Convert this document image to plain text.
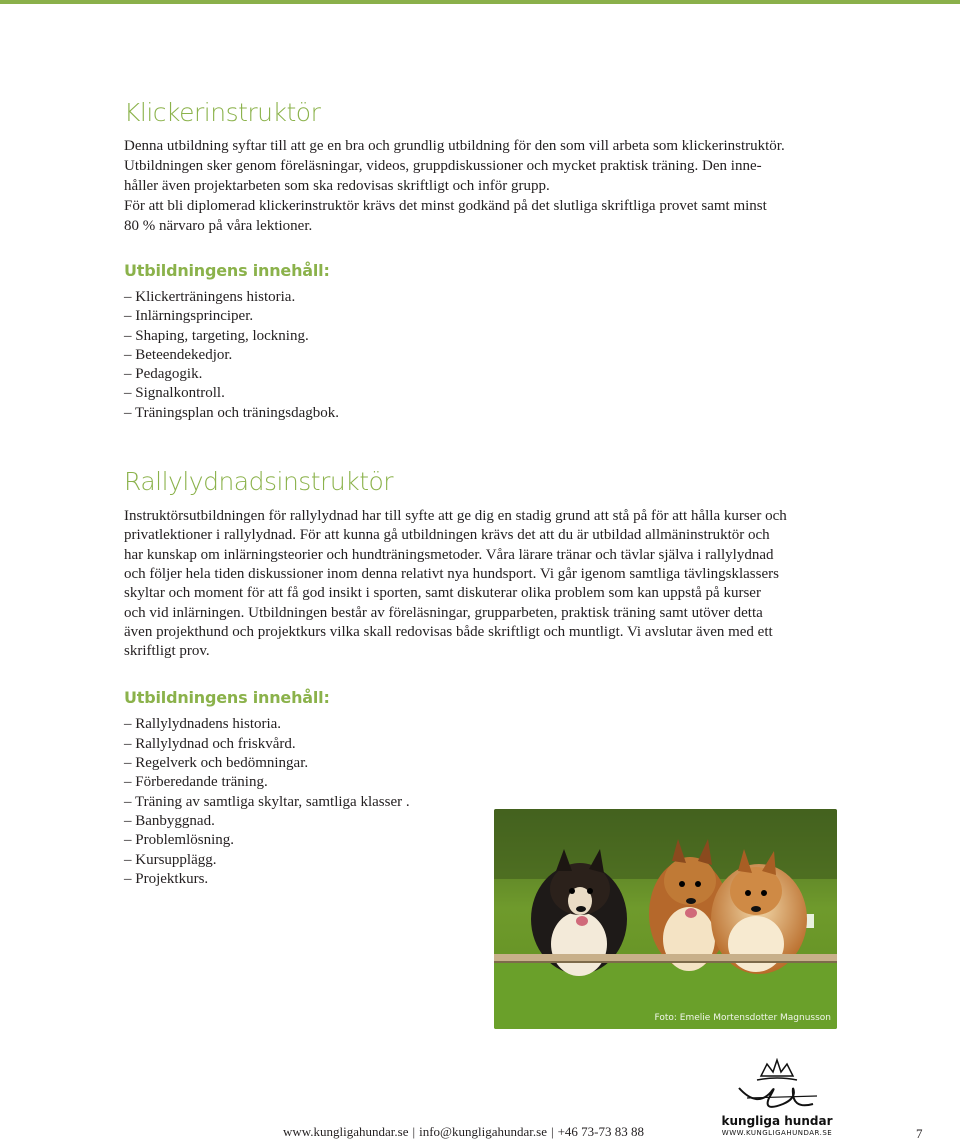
Klickerinstruktör
Denna utbildning syftar till att ge en bra och grundlig utbildning för den som vill arbeta som klickerinstruktör.
Utbildningen sker genom föreläsningar, videos, gruppdiskussioner och mycket praktisk träning. Den inne-
håller även projektarbeten som ska redovisas skriftligt och inför grupp.
För att bli diplomerad klickerinstruktör krävs det minst godkänd på det slutliga skriftliga provet samt minst
80 % närvaro på våra lektioner.
Utbildningens innehåll:
– Klickerträningens historia.
– Inlärningsprinciper.
– Shaping, targeting, lockning.
– Beteendekedjor.
– Pedagogik.
– Signalkontroll.
– Träningsplan och träningsdagbok.
Rallylydnadsinstruktör
Instruktörsutbildningen för rallylydnad har till syfte att ge dig en stadig grund att stå på för att hålla kurser och
privatlektioner i rallylydnad. För att kunna gå utbildningen krävs det att du är utbildad allmäninstruktör och
har kunskap om inlärningsteorier och hundträningsmetoder. Våra lärare tränar och tävlar själva i rallylydnad
och följer hela tiden diskussioner inom denna relativt nya hundsport. Vi går igenom samtliga tävlingsklassers
skyltar och moment för att få god insikt i sporten, samt diskuterar olika problem som kan uppstå på kurser
och vid inlärningen. Utbildningen består av föreläsningar, grupparbeten, praktisk träning samt utöver detta
även projekthund och projektkurs vilka skall redovisas både skriftligt och muntligt. Vi avslutar även med ett
skriftligt prov.
Utbildningens innehåll:
– Rallylydnadens historia.
– Rallylydnad och friskvård.
– Regelverk och bedömningar.
– Förberedande träning.
– Träning av samtliga skyltar, samtliga klasser .
– Banbyggnad.
– Problemlösning.
– Kursupplägg.
– Projektkurs.
Foto: Emelie Mortensdotter Magnusson
www.kungligahundar.se | info@kungligahundar.se | +46 73-73 83 88
kungliga hundar
WWW.KUNGLIGAHUNDAR.SE	7
